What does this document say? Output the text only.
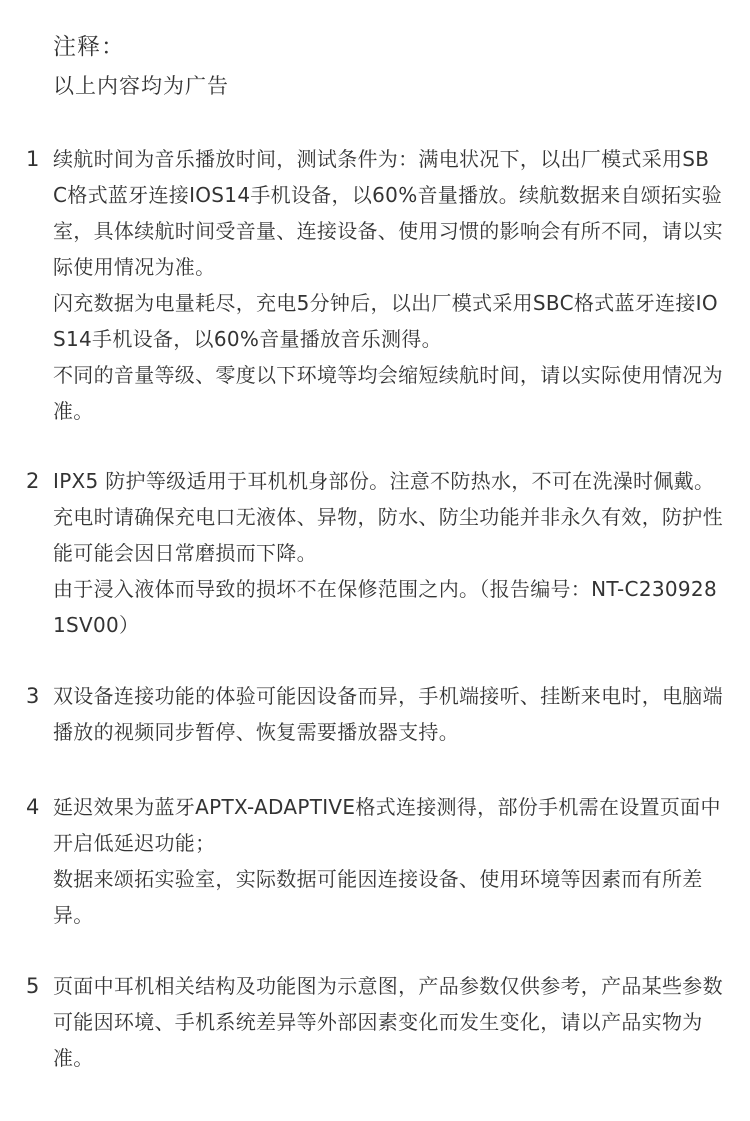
注释：
以上内容均为广告
1 续航时间为音乐播放时间，测试条件为：满电状况下，以出厂模式采用SBC格式蓝牙连接IOS14手机设备，以60%音量播放。续航数据来自颂拓实验室，具体续航时间受音量、连接设备、使用习惯的影响会有所不同，请以实际使用情况为准。

闪充数据为电量耗尽，充电5分钟后，以出厂模式采用SBC格式蓝牙连接IOS14手机设备，以60%音量播放音乐测得。

不同的音量等级、零度以下环境等均会缩短续航时间，请以实际使用情况为准。

2 IPX5 防护等级适用于耳机机身部份。注意不防热水，不可在洗澡时佩戴。充电时请确保充电口无液体、异物，防水、防尘功能并非永久有效，防护性能可能会因日常磨损而下降。

由于浸入液体而导致的损坏不在保修范围之内。（报告编号：NT-C2309281SV00）

3 双设备连接功能的体验可能因设备而异，手机端接听、挂断来电时，电脑端播放的视频同步暂停、恢复需要播放器支持。

4 延迟效果为蓝牙APTX-ADAPTIVE格式连接测得，部份手机需在设置页面中开启低延迟功能；

数据来颂拓实验室，实际数据可能因连接设备、使用环境等因素而有所差异。

5 页面中耳机相关结构及功能图为示意图，产品参数仅供参考，产品某些参数可能因环境、手机系统差异等外部因素变化而发生变化，请以产品实物为准。
